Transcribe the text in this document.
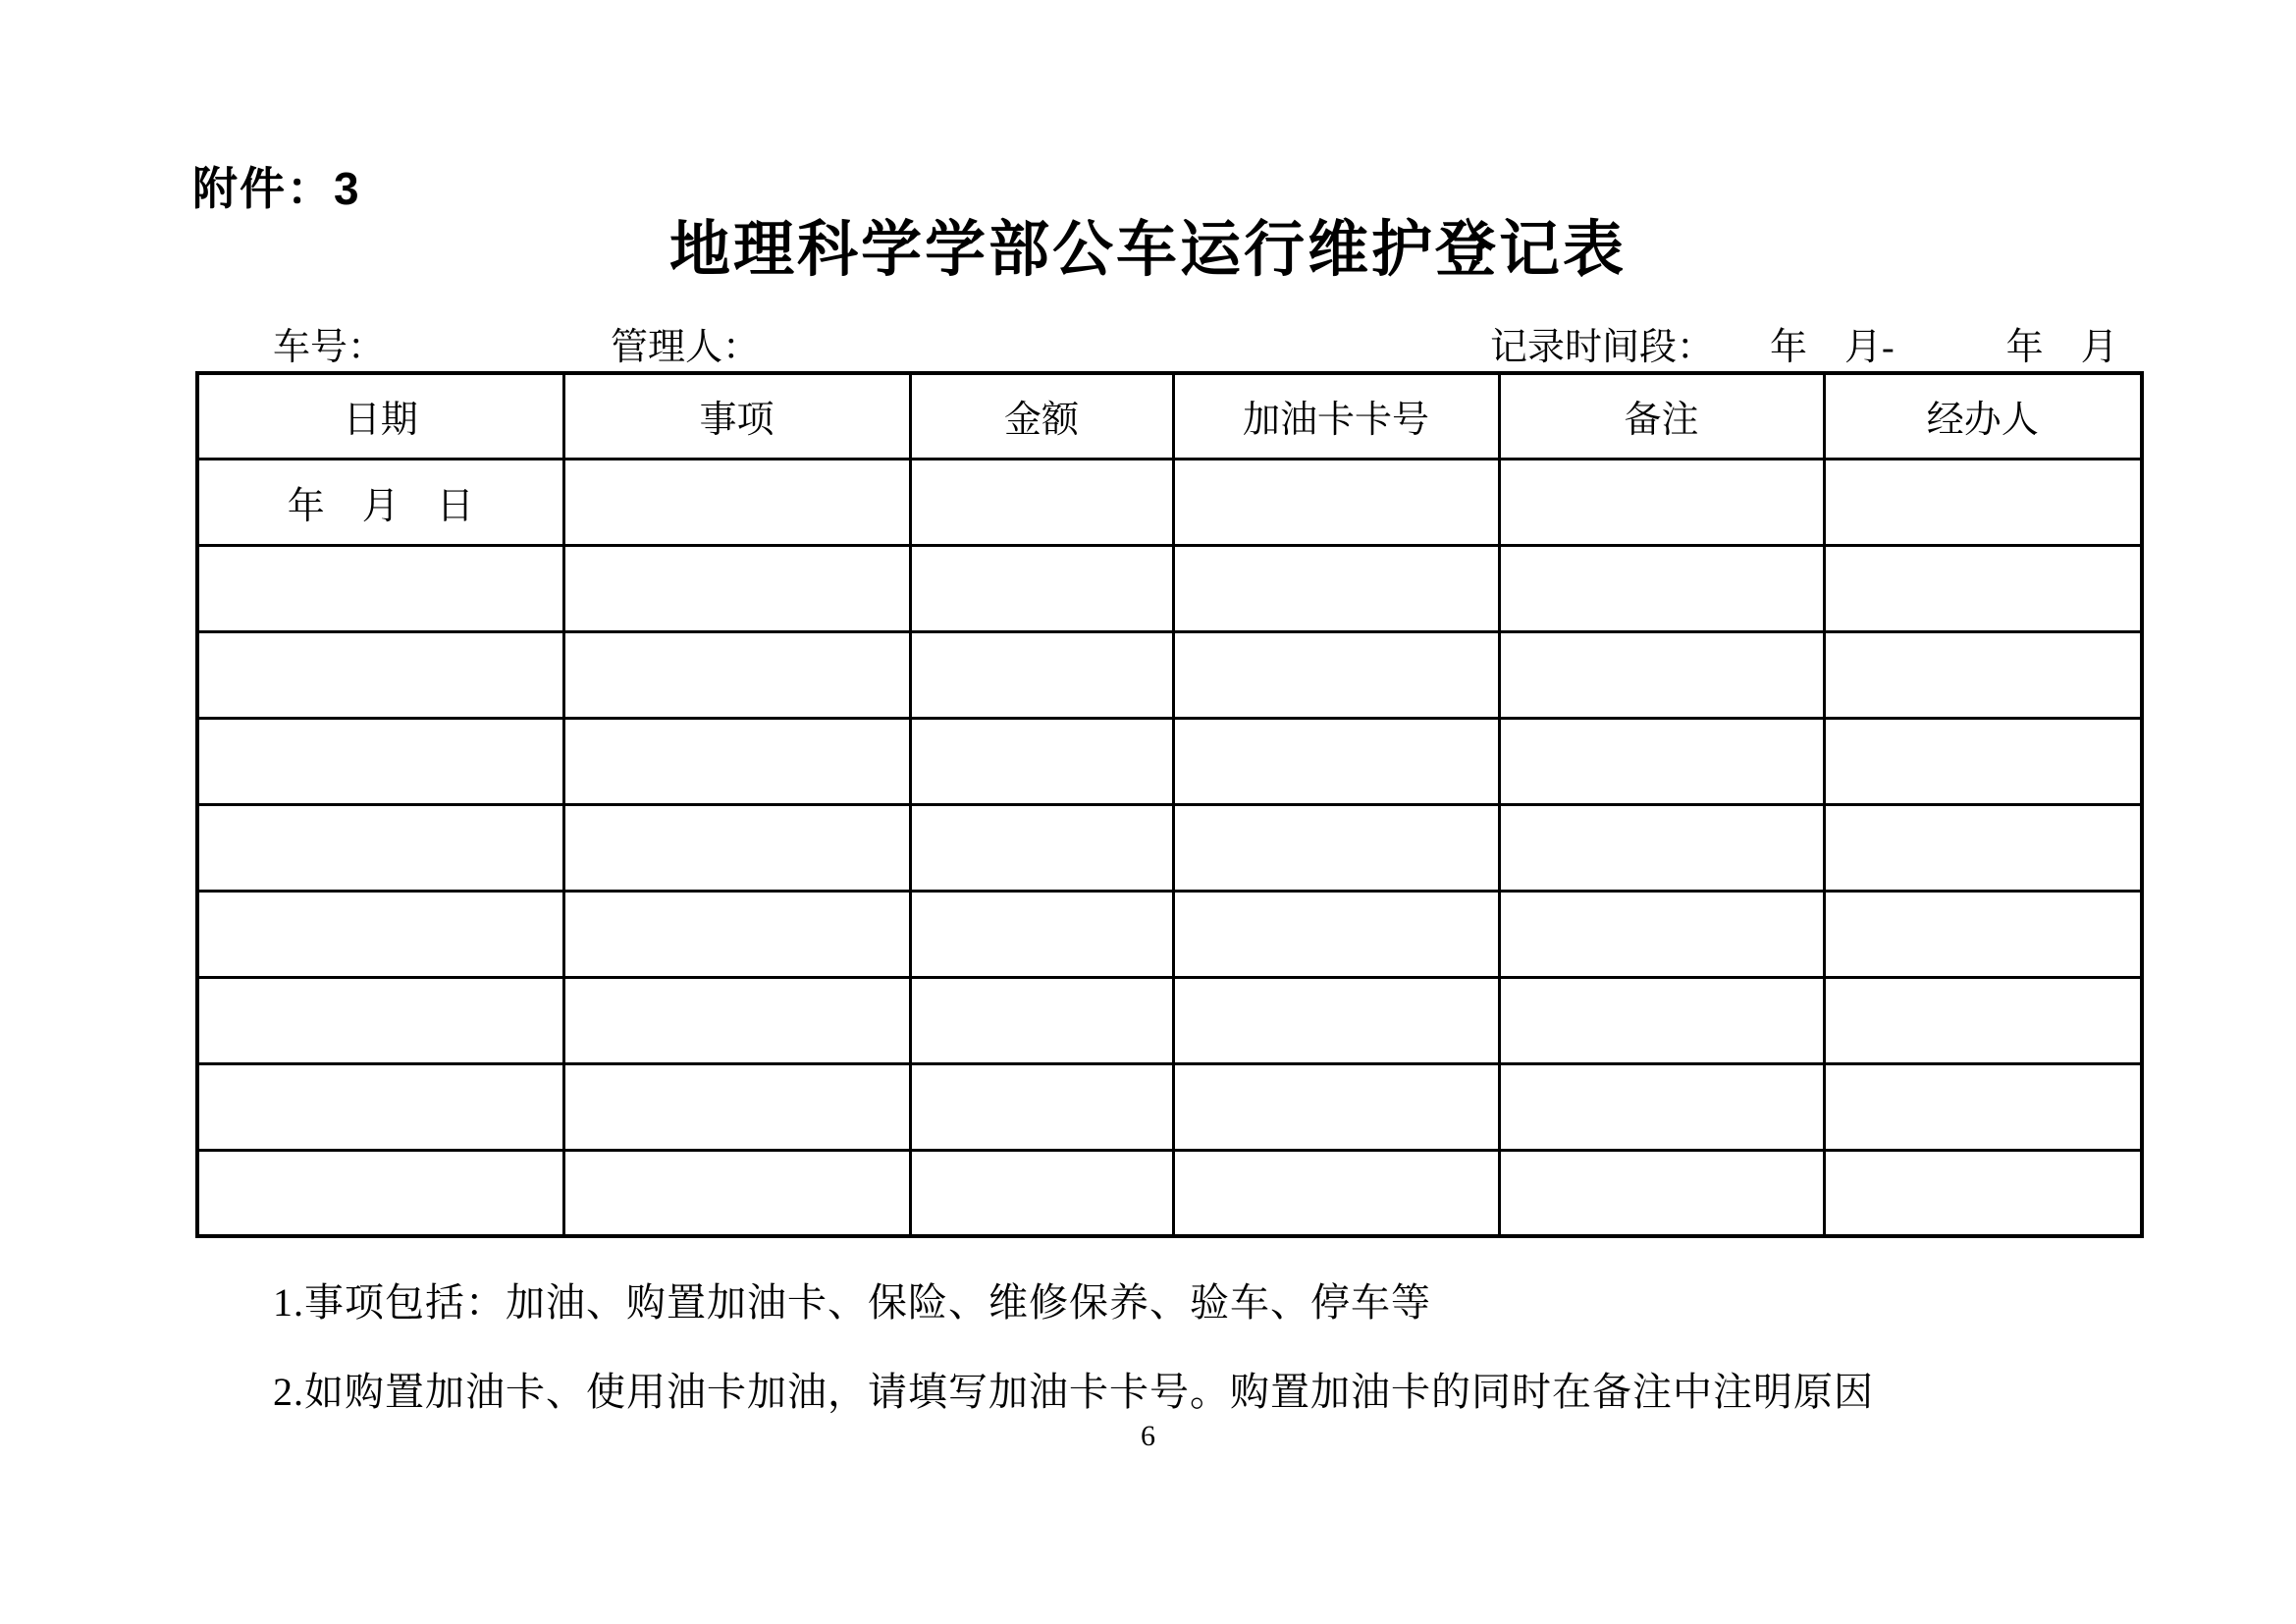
附件：3
地理科学学部公车运行维护登记表
车号：	管理人：	记录时间段：　　年　月-　　　年　月
日期	事项	金额	加油卡卡号	备注	经办人
年　月　日					

1.事项包括：加油、购置加油卡、保险、维修保养、验车、停车等
2.如购置加油卡、使用油卡加油，请填写加油卡卡号。购置加油卡的同时在备注中注明原因
6
